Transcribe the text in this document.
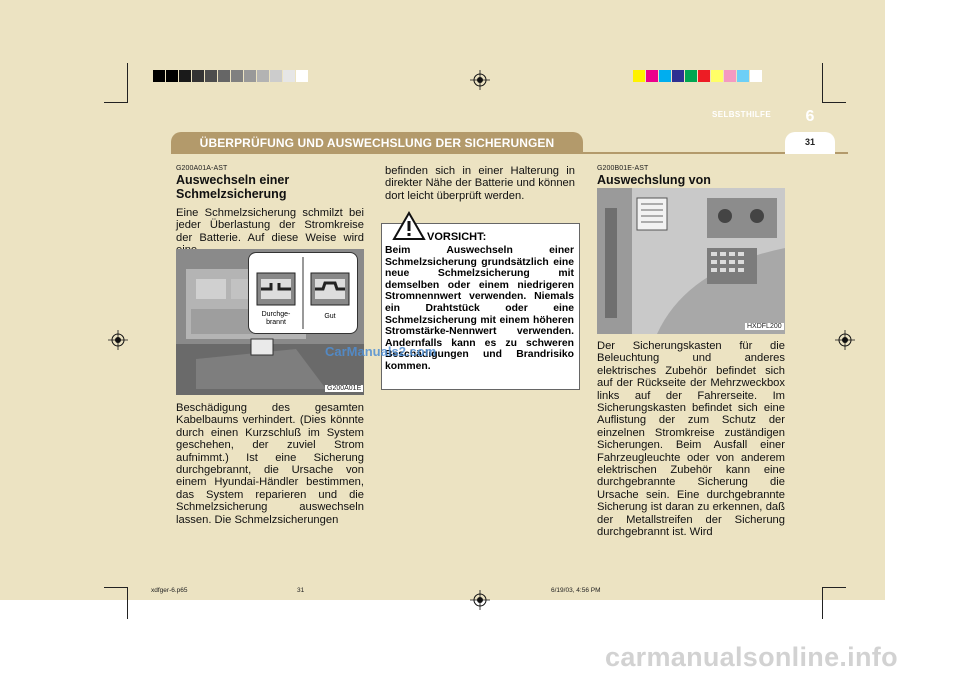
SELBSTHILFE	6
ÜBERPRÜFUNG UND AUSWECHSLUNG DER SICHERUNGEN	31
G200A01A-AST
Auswechseln einer Schmelzsicherung
Eine Schmelzsicherung schmilzt bei jeder Überlastung der Stromkreise der Batterie. Auf diese Weise wird
Durchge- brannt
Gut
G200A01E
Beschädigung des gesamten Kabelbaums verhindert. (Dies könnte durch einen Kurzschluß im System geschehen, der zuviel Strom aufnimmt.) Ist eine Sicherung durchgebrannt, die Ursache von einem Hyundai-Händler bestimmen, das System reparieren und die Schmelzsicherung auswechseln lassen. Die Schmelzsicherungen
befinden sich in einer Halterung in direkter Nähe der Batterie und können dort leicht überprüft werden.
VORSICHT:
Beim Auswechseln einer Schmelzsicherung grundsätzlich eine neue Schmelzsicherung mit demselben oder einem niedrigeren Stromnennwert verwenden. Niemals ein Drahtstück oder eine Schmelzsicherung mit einem höheren Stromstärke-Nennwert verwenden. Andernfalls kann es zu schweren Beschädigungen und Brandrisiko kommen.
CarManuals2.com
G200B01E-AST
Auswechslung von
HXDFL200
Der Sicherungskasten für die Beleuchtung und anderes elektrisches Zubehör befindet sich auf der Rückseite der Mehrzweckbox links auf der Fahrerseite. Im Sicherungskasten befindet sich eine Auflistung der zum Schutz der einzelnen Stromkreise zuständigen Sicherungen. Beim Ausfall einer Fahrzeugleuchte oder von anderem elektrischen Zubehör kann eine durchgebrannte Sicherung die Ursache sein. Eine durchgebrannte Sicherung ist daran zu erkennen, daß der Metallstreifen der Sicherung durchgebrannt ist. Wird
xdfger-6.p65	31	6/19/03, 4:56 PM
carmanualsonline.info
